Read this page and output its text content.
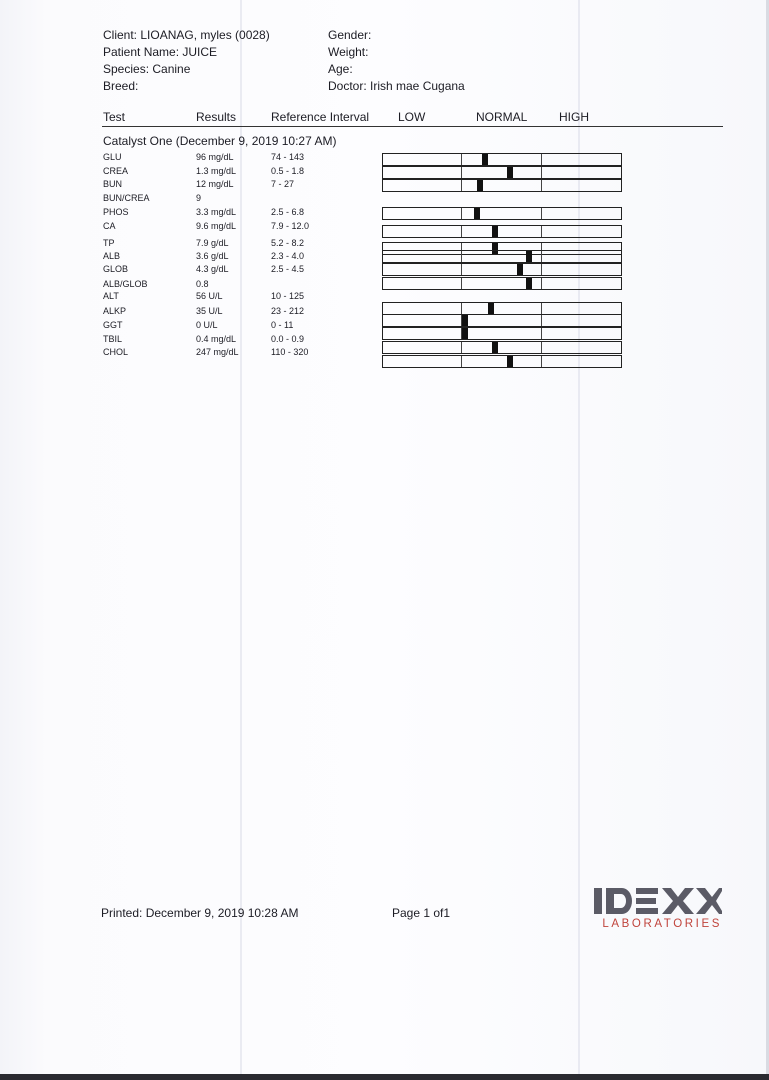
Client: LIOANAG, myles (0028)
Patient Name: JUICE
Species: Canine
Breed:
Gender:
Weight:
Age:
Doctor: Irish mae Cugana
Test	Results	Reference Interval LOW	NORMAL	HIGH
Catalyst One (December 9, 2019 10:27 AM)
GLU	96 mg/dL	74 - 143
CREA	1.3 mg/dL	0.5 - 1.8
BUN	12 mg/dL	7 - 27
BUN/CREA	9
PHOS	3.3 mg/dL	2.5 - 6.8
CA	9.6 mg/dL	7.9 - 12.0
TP	7.9 g/dL	5.2 - 8.2
ALB	3.6 g/dL	2.3 - 4.0
GLOB	4.3 g/dL	2.5 - 4.5
ALB/GLOB	0.8
ALT	56 U/L	10 - 125
ALKP	35 U/L	23 - 212
GGT	0 U/L	0 - 11
TBIL	0.4 mg/dL	0.0 - 0.9
CHOL	247 mg/dL	110 - 320
Printed: December 9, 2019 10:28 AM	Page 1 of1
LABORATORIES
